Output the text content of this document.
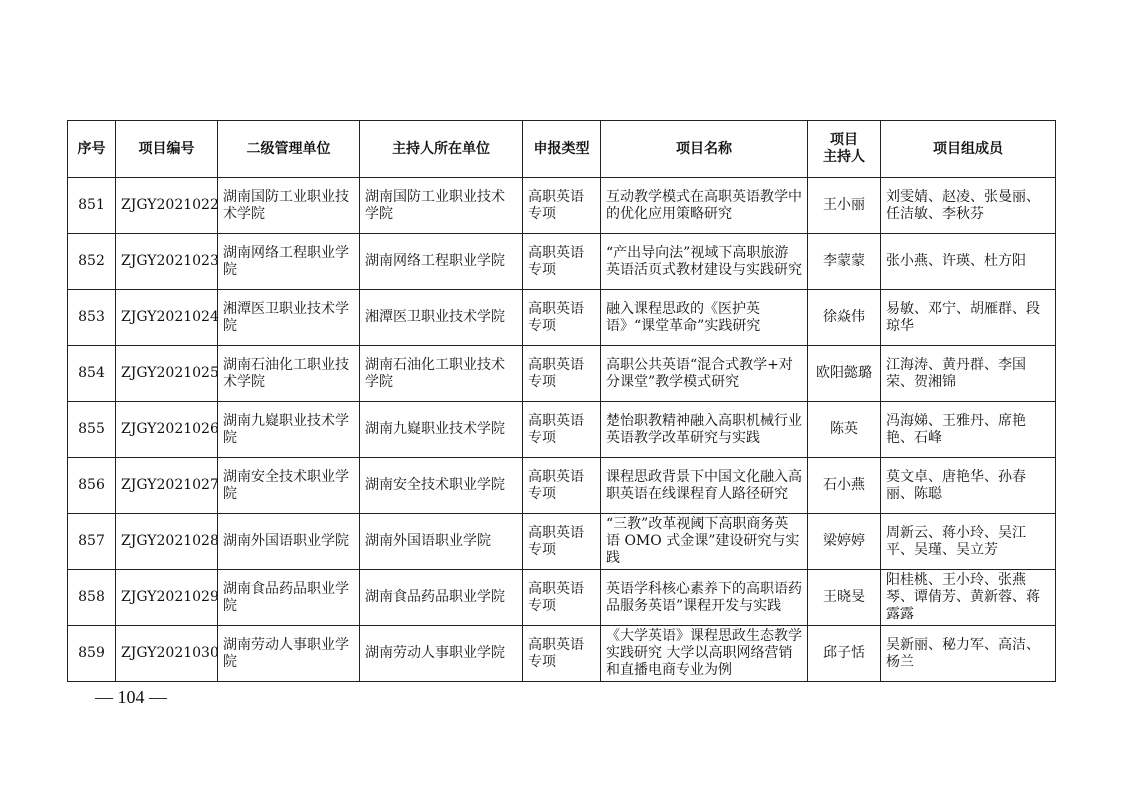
序号	项目编号	二级管理单位	主持人所在单位	申报类型	项目名称	项目
主持人	项目组成员
851	ZJGY2021022	湖南国防工业职业技术学院	湖南国防工业职业技术学院	高职英语专项	互动教学模式在高职英语教学中的优化应用策略研究	王小丽	刘雯婧、赵凌、张曼丽、任洁敏、李秋芬
852	ZJGY2021023	湖南网络工程职业学院	湖南网络工程职业学院	高职英语专项	“产出导向法”视域下高职旅游英语活页式教材建设与实践研究	李蒙蒙	张小燕、许瑛、杜方阳
853	ZJGY2021024	湘潭医卫职业技术学院	湘潭医卫职业技术学院	高职英语专项	融入课程思政的《医护英语》“课堂革命”实践研究	徐焱伟	易敏、邓宁、胡雁群、段琼华
854	ZJGY2021025	湖南石油化工职业技术学院	湖南石油化工职业技术学院	高职英语专项	高职公共英语“混合式教学+对分课堂”教学模式研究	欧阳懿璐	江海涛、黄丹群、李国荣、贺湘锦
855	ZJGY2021026	湖南九嶷职业技术学院	湖南九嶷职业技术学院	高职英语专项	楚怡职教精神融入高职机械行业英语教学改革研究与实践	陈英	冯海娣、王雅丹、席艳艳、石峰
856	ZJGY2021027	湖南安全技术职业学院	湖南安全技术职业学院	高职英语专项	课程思政背景下中国文化融入高职英语在线课程育人路径研究	石小燕	莫文卓、唐艳华、孙春丽、陈聪
857	ZJGY2021028	湖南外国语职业学院	湖南外国语职业学院	高职英语专项	“三教”改革视阈下高职商务英语 OMO 式金课”建设研究与实践	梁婷婷	周新云、蒋小玲、吴江平、吴瑾、吴立芳
858	ZJGY2021029	湖南食品药品职业学院	湖南食品药品职业学院	高职英语专项	英语学科核心素养下的高职语药品服务英语”课程开发与实践	王晓旻	阳桂桃、王小玲、张燕琴、谭倩芳、黄新蓉、蒋露露
859	ZJGY2021030	湖南劳动人事职业学院	湖南劳动人事职业学院	高职英语专项	《大学英语》课程思政生态教学实践研究 大学以高职网络营销和直播电商专业为例	邱子恬	吴新丽、秘力军、高洁、杨兰
— 104 —
